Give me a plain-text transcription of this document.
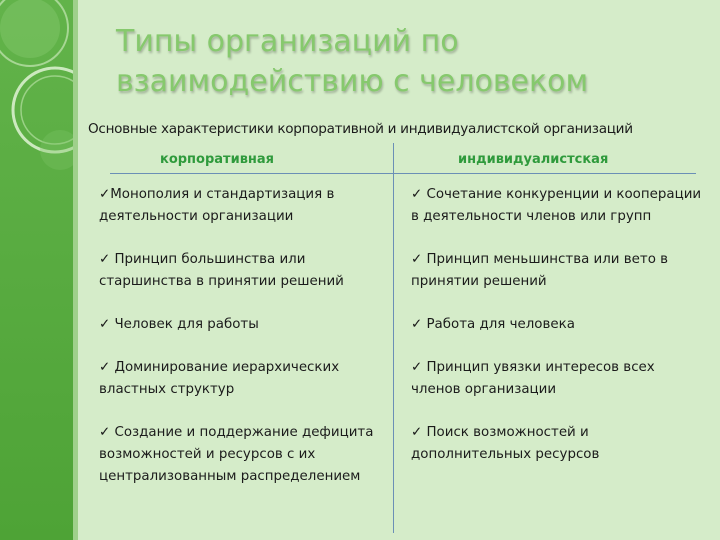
Типы организаций по взаимодействию с человеком
Основные характеристики корпоративной и индивидуалистской организаций
корпоративная	индивидуалистская
✓Монополия и стандартизация в деятельности организации
✓ Принцип большинства или старшинства в принятии решений
✓ Человек для работы
✓ Доминирование иерархических властных структур
✓ Создание и поддержание дефицита возможностей и ресурсов с их централизованным распределением
✓ Сочетание конкуренции и кооперации в деятельности членов или групп
✓ Принцип меньшинства или вето в принятии решений
✓ Работа для человека
✓ Принцип увязки интересов всех членов организации
✓ Поиск возможностей и дополнительных ресурсов
